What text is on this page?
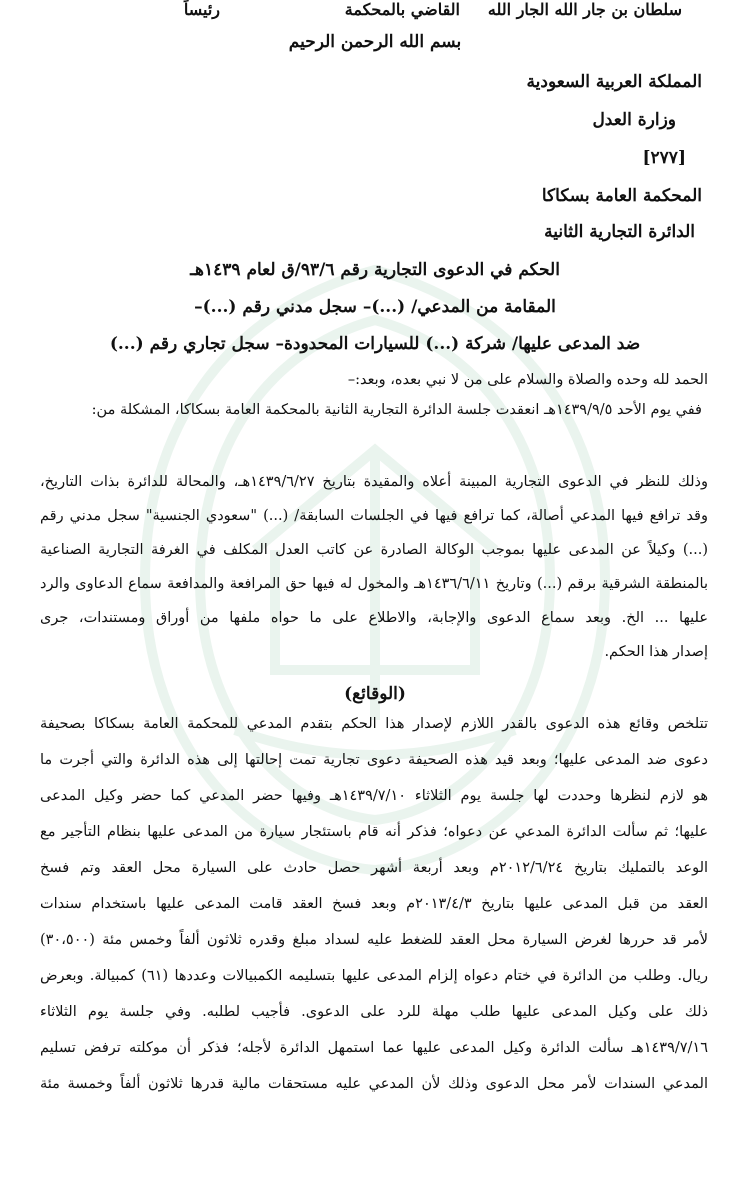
بسم الله الرحمن الرحيم
المملكة العربية السعودية
وزارة العدل
[٢٧٧]
المحكمة العامة بسكاكا
الدائرة التجارية الثانية
الحكم في الدعوى التجارية رقم ٩٣/٦/ق لعام ١٤٣٩هـ
المقامة من المدعي/ (...)– سجل مدني رقم (...)–
ضد المدعى عليها/ شركة (...) للسيارات المحدودة– سجل تجاري رقم (...)
الحمد لله وحده والصلاة والسلام على من لا نبي بعده، وبعد:–
ففي يوم الأحد ١٤٣٩/٩/٥هـ انعقدت جلسة الدائرة التجارية الثانية بالمحكمة العامة بسكاكا، المشكلة من:
سلطان بن جار الله الجار الله
القاضي بالمحكمة
رئيساً
وذلك للنظر في الدعوى التجارية المبينة أعلاه والمقيدة بتاريخ ١٤٣٩/٦/٢٧هـ، والمحالة للدائرة بذات التاريخ،
وقد ترافع فيها المدعي أصالة، كما ترافع فيها في الجلسات السابقة/ (...) "سعودي الجنسية" سجل مدني رقم
(...) وكيلاً عن المدعى عليها بموجب الوكالة الصادرة عن كاتب العدل المكلف في الغرفة التجارية الصناعية
بالمنطقة الشرقية برقم (...) وتاريخ ١٤٣٦/٦/١١هـ والمخول له فيها حق المرافعة والمدافعة سماع الدعاوى والرد
عليها ... الخ. وبعد سماع الدعوى والإجابة، والاطلاع على ما حواه ملفها من أوراق ومستندات، جرى
إصدار هذا الحكم.
(الوقائع)
تتلخص وقائع هذه الدعوى بالقدر اللازم لإصدار هذا الحكم بتقدم المدعي للمحكمة العامة بسكاكا بصحيفة
دعوى ضد المدعى عليها؛ وبعد قيد هذه الصحيفة دعوى تجارية تمت إحالتها إلى هذه الدائرة والتي أجرت ما
هو لازم لنظرها وحددت لها جلسة يوم الثلاثاء ١٤٣٩/٧/١٠هـ وفيها حضر المدعي كما حضر وكيل المدعى
عليها؛ ثم سألت الدائرة المدعي عن دعواه؛ فذكر أنه قام باستئجار سيارة من المدعى عليها بنظام التأجير مع
الوعد بالتمليك بتاريخ ٢٠١٢/٦/٢٤م وبعد أربعة أشهر حصل حادث على السيارة محل العقد وتم فسخ
العقد من قبل المدعى عليها بتاريخ ٢٠١٣/٤/٣م وبعد فسخ العقد قامت المدعى عليها باستخدام سندات
لأمر قد حررها لغرض السيارة محل العقد للضغط عليه لسداد مبلغ وقدره ثلاثون ألفاً وخمس مئة (٣٠،٥٠٠)
ريال. وطلب من الدائرة في ختام دعواه إلزام المدعى عليها بتسليمه الكمبيالات وعددها (٦١) كمبيالة. وبعرض
ذلك على وكيل المدعى عليها طلب مهلة للرد على الدعوى. فأجيب لطلبه. وفي جلسة يوم الثلاثاء
١٤٣٩/٧/١٦هـ سألت الدائرة وكيل المدعى عليها عما استمهل الدائرة لأجله؛ فذكر أن موكلته ترفض تسليم
المدعي السندات لأمر محل الدعوى وذلك لأن المدعي عليه مستحقات مالية قدرها ثلاثون ألفاً وخمسة مئة
